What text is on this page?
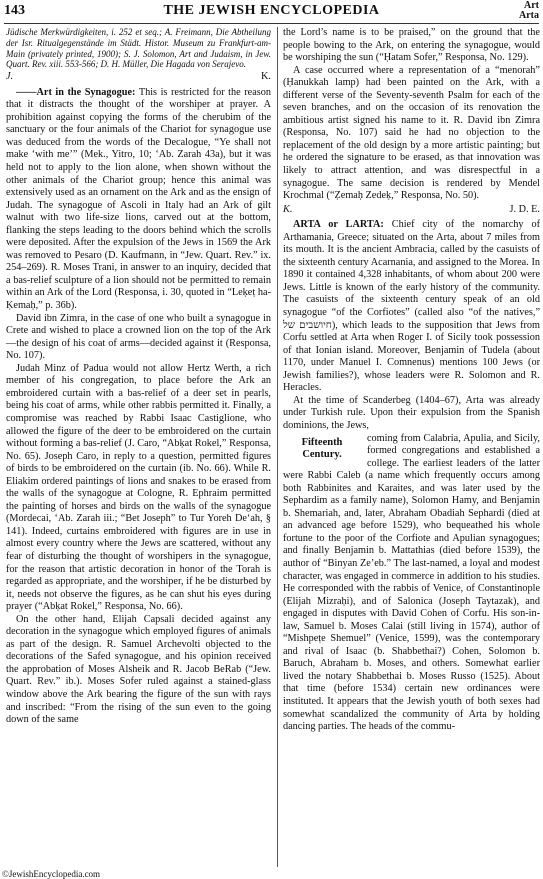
143	THE JEWISH ENCYCLOPEDIA	Art
Arta

Jüdische Merkwürdigkeiten, i. 252 et seq.; A. Freimann, Die Abtheilung der Isr. Ritualgegenstände im Städt. Histor. Museum zu Frankfurt-am-Main (privately printed, 1900); S. J. Solomon, Art and Judaism, in Jew. Quart. Rev. xiii. 553-566; D. H. Müller, Die Hagada von Serajevo.

J.	K.

——Art in the Synagogue: This is restricted for the reason that it distracts the thought of the worshiper at prayer. A prohibition against copying the forms of the cherubim of the sanctuary or the four animals of the Chariot for synagogue use was deduced from the words of the Decalogue, “Ye shall not make ‘with me’” (Mek., Yitro, 10; ‘Ab. Zarah 43a), but it was held not to apply to the lion alone, when shown without the other animals of the Chariot group; hence this animal was extensively used as an ornament on the Ark and as the ensign of Judah. The synagogue of Ascoli in Italy had an Ark of gilt walnut with two life-size lions, carved out at the bottom, flanking the steps leading to the doors behind which the scrolls were deposited. After the expulsion of the Jews in 1569 the Ark was removed to Pesaro (D. Kaufmann, in “Jew. Quart. Rev.” ix. 254–269). R. Moses Trani, in answer to an inquiry, decided that a bas-relief sculpture of a lion should not be permitted to remain within an Ark of the Lord (Responsa, i. 30, quoted in “Leḳeṭ ha-Ḳemaḥ,” p. 36b).

David ibn Zimra, in the case of one who built a synagogue in Crete and wished to place a crowned lion on the top of the Ark—the design of his coat of arms—decided against it (Responsa, No. 107).

Judah Minz of Padua would not allow Hertz Werth, a rich member of his congregation, to place before the Ark an embroidered curtain with a bas-relief of a deer set in pearls, being his coat of arms, while other rabbis permitted it. Finally, a compromise was reached by Rabbi Isaac Castiglione, who allowed the figure of the deer to be embroidered on the curtain without forming a bas-relief (J. Caro, “Abḳat Rokel,” Responsa, No. 65). Joseph Caro, in reply to a question, permitted figures of birds to be embroidered on the curtain (ib. No. 66). While R. Eliakim ordered paintings of lions and snakes to be erased from the walls of the synagogue at Cologne, R. Ephraim permitted the painting of horses and birds on the walls of the synagogue (Mordecai, ‘Ab. Zarah iii.; “Bet Joseph” to Tur Yoreh De‘ah, § 141). Indeed, curtains embroidered with figures are in use in almost every country where the Jews are scattered, without any fear of disturbing the thought of worshipers in the synagogue, for the reason that artistic decoration in honor of the Torah is regarded as appropriate, and the worshiper, if he be disturbed by it, needs not observe the figures, as he can shut his eyes during prayer (“Abḳat Rokel,” Responsa, No. 66).

On the other hand, Elijah Capsali decided against any decoration in the synagogue which employed figures of animals as part of the design. R. Samuel Archevolti objected to the decorations of the Safed synagogue, and his opinion received the approbation of Moses Alsheik and R. Jacob BeRab (“Jew. Quart. Rev.” ib.). Moses Sofer ruled against a stained-glass window above the Ark bearing the figure of the sun with rays and inscribed: “From the rising of the sun even to the going down of the same

the Lord’s name is to be praised,” on the ground that the people bowing to the Ark, on entering the synagogue, would be worshiping the sun (“Ḥatam Sofer,” Responsa, No. 129).

A case occurred where a representation of a “menorah” (Ḥanukkah lamp) had been painted on the Ark, with a different verse of the Seventy-seventh Psalm for each of the seven branches, and on the occasion of its renovation the ambitious artist signed his name to it. R. David ibn Zimra (Responsa, No. 107) said he had no objection to the replacement of the old design by a more artistic painting; but he ordered the signature to be erased, as that innovation was likely to attract attention, and was disrespectful in a synagogue. The same decision is rendered by Mendel Krochmal (“Ẓemaḥ Zedeḳ,” Responsa, No. 50).

K.	J. D. E.

ARTA or LARTA: Chief city of the nomarchy of Arthamania, Greece; situated on the Arta, about 7 miles from its mouth. It is the ancient Ambracia, called by the casuists of the sixteenth century Acarnania, and assigned to the Morea. In 1890 it contained 4,328 inhabitants, of whom about 200 were Jews. Little is known of the early history of the community. The casuists of the sixteenth century speak of an old synagogue “of the Corfiotes” (called also “of the natives,” חיושבים של), which leads to the supposition that Jews from Corfu settled at Arta when Roger I. of Sicily took possession of that Ionian island. Moreover, Benjamin of Tudela (about 1170, under Manuel I. Comnenus) mentions 100 Jews (or Jewish families?), whose leaders were R. Solomon and R. Heracles.

At the time of Scanderbeg (1404–67), Arta was already under Turkish rule. Upon their expulsion from the Spanish dominions, the Jews,

Fifteenth Century.
coming from Calabria, Apulia, and Sicily, formed congregations and established a college. The earliest leaders of the latter were Rabbi Caleb (a name which frequently occurs among both Rabbinites and Karaites, and was later used by the Sephardim as a family name), Solomon Hamy, and Benjamin b. Shemariah, and, later, Abraham Obadiah Sephardi (died at an advanced age before 1529), who bequeathed his whole fortune to the poor of the Corfiote and Apulian synagogues; and finally Benjamin b. Mattathias (died before 1539), the author of “Binyan Ze’eb.” The last-named, a loyal and modest character, was engaged in commerce in addition to his studies. He corresponded with the rabbis of Venice, of Constantinople (Elijah Mizraḥi), and of Salonica (Joseph Taytazak), and engaged in disputes with David Cohen of Corfu. His son-in-law, Samuel b. Moses Calai (still living in 1574), author of “Mishpeṭe Shemuel” (Venice, 1599), was the contemporary and rival of Isaac (b. Shabbethai?) Cohen, Solomon b. Baruch, Abraham b. Moses, and others. Somewhat earlier lived the notary Shabbethai b. Moses Russo (1525). About that time (before 1534) certain new ordinances were instituted. It appears that the Jewish youth of both sexes had somewhat scandalized the community of Arta by holding dancing parties. The heads of the commu-

©JewishEncyclopedia.com
